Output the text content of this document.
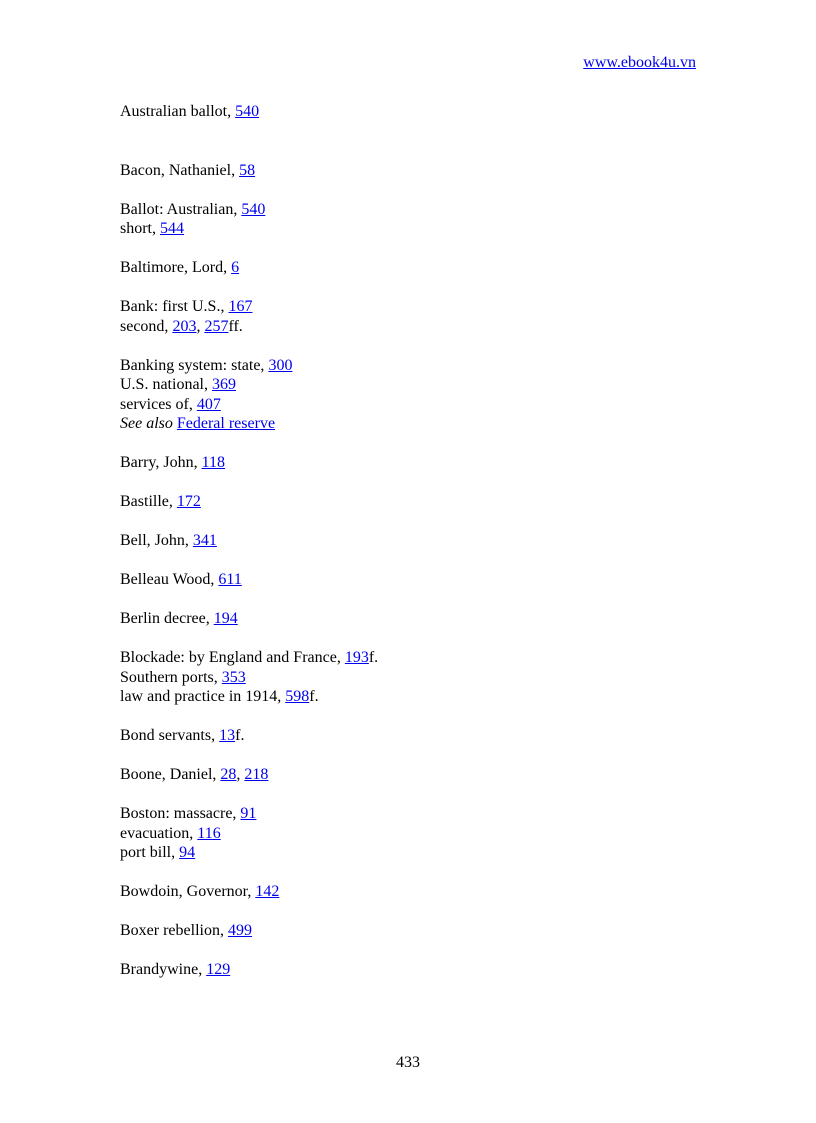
www.ebook4u.vn
Australian ballot, 540
Bacon, Nathaniel, 58
Ballot: Australian, 540
short, 544
Baltimore, Lord, 6
Bank: first U.S., 167
second, 203, 257ff.
Banking system: state, 300
U.S. national, 369
services of, 407
See also Federal reserve
Barry, John, 118
Bastille, 172
Bell, John, 341
Belleau Wood, 611
Berlin decree, 194
Blockade: by England and France, 193f.
Southern ports, 353
law and practice in 1914, 598f.
Bond servants, 13f.
Boone, Daniel, 28, 218
Boston: massacre, 91
evacuation, 116
port bill, 94
Bowdoin, Governor, 142
Boxer rebellion, 499
Brandywine, 129
433
